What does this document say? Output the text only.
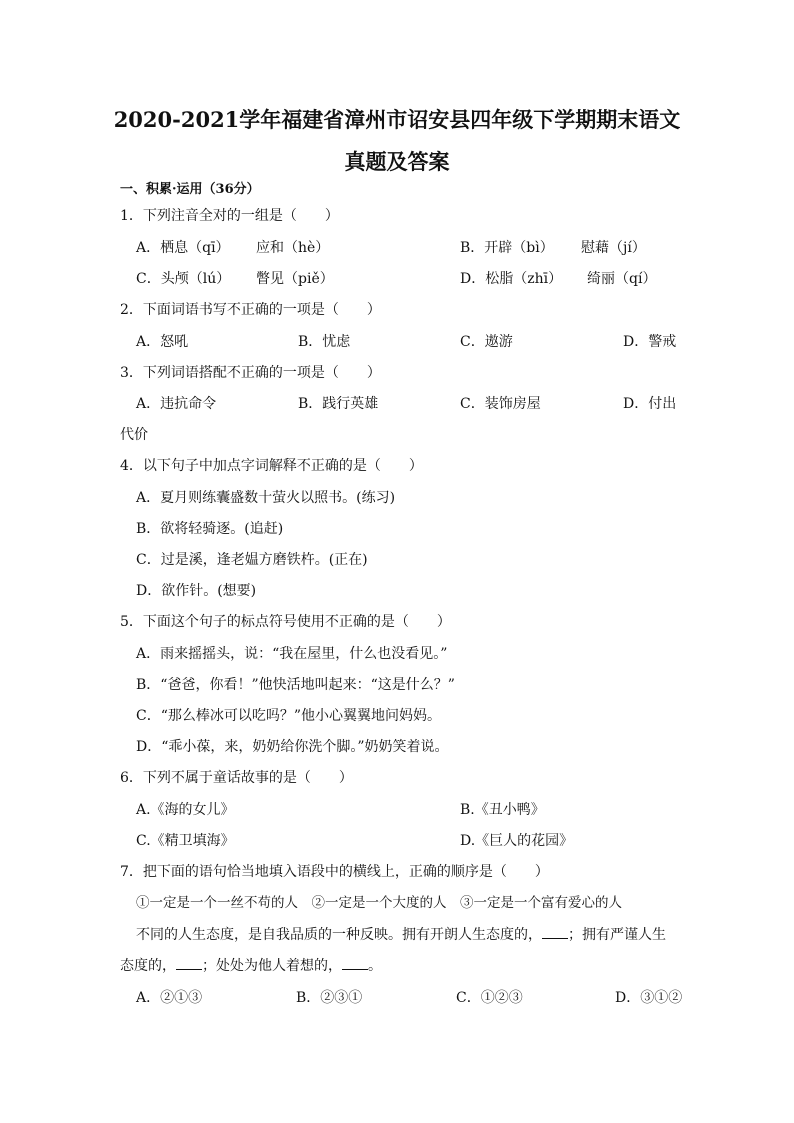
2020-2021学年福建省漳州市诏安县四年级下学期期末语文
真题及答案
一、积累·运用（36分）
1．下列注音全对的一组是（　　）
A．栖息（qī） 应和（hè）	B．开辟（bì） 慰藉（jí）
C．头颅（lú） 瞥见（piě）	D．松脂（zhī） 绮丽（qí）
2．下面词语书写不正确的一项是（　　）
A．怒吼	B．忧虑	C．遨游	D．警戒
3．下列词语搭配不正确的一项是（　　）
A．违抗命令	B．践行英雄	C．装饰房屋	D．付出
代价
4．以下句子中加点字词解释不正确的是（　　）
A．夏月则练囊盛数十萤火以照书。(练习)
B．欲将轻骑逐。(追赶)
C．过是溪，逢老媪方磨铁杵。(正在)
D．欲作针。(想要)
5．下面这个句子的标点符号使用不正确的是（　　）
A．雨来摇摇头，说：“我在屋里，什么也没看见。”
B．“爸爸，你看！”他快活地叫起来：“这是什么？”
C．“那么棒冰可以吃吗？”他小心翼翼地问妈妈。
D．“乖小葆，来，奶奶给你洗个脚。”奶奶笑着说。
6．下列不属于童话故事的是（　　）
A.《海的女儿》	B.《丑小鸭》
C.《精卫填海》	D.《巨人的花园》
7．把下面的语句恰当地填入语段中的横线上，正确的顺序是（　　）
①一定是一个一丝不苟的人　②一定是一个大度的人　③一定是一个富有爱心的人
不同的人生态度，是自我品质的一种反映。拥有开朗人生态度的， ；拥有严谨人生
态度的， ；处处为他人着想的， 。
A．②①③	B．②③①	C．①②③	D．③①②
